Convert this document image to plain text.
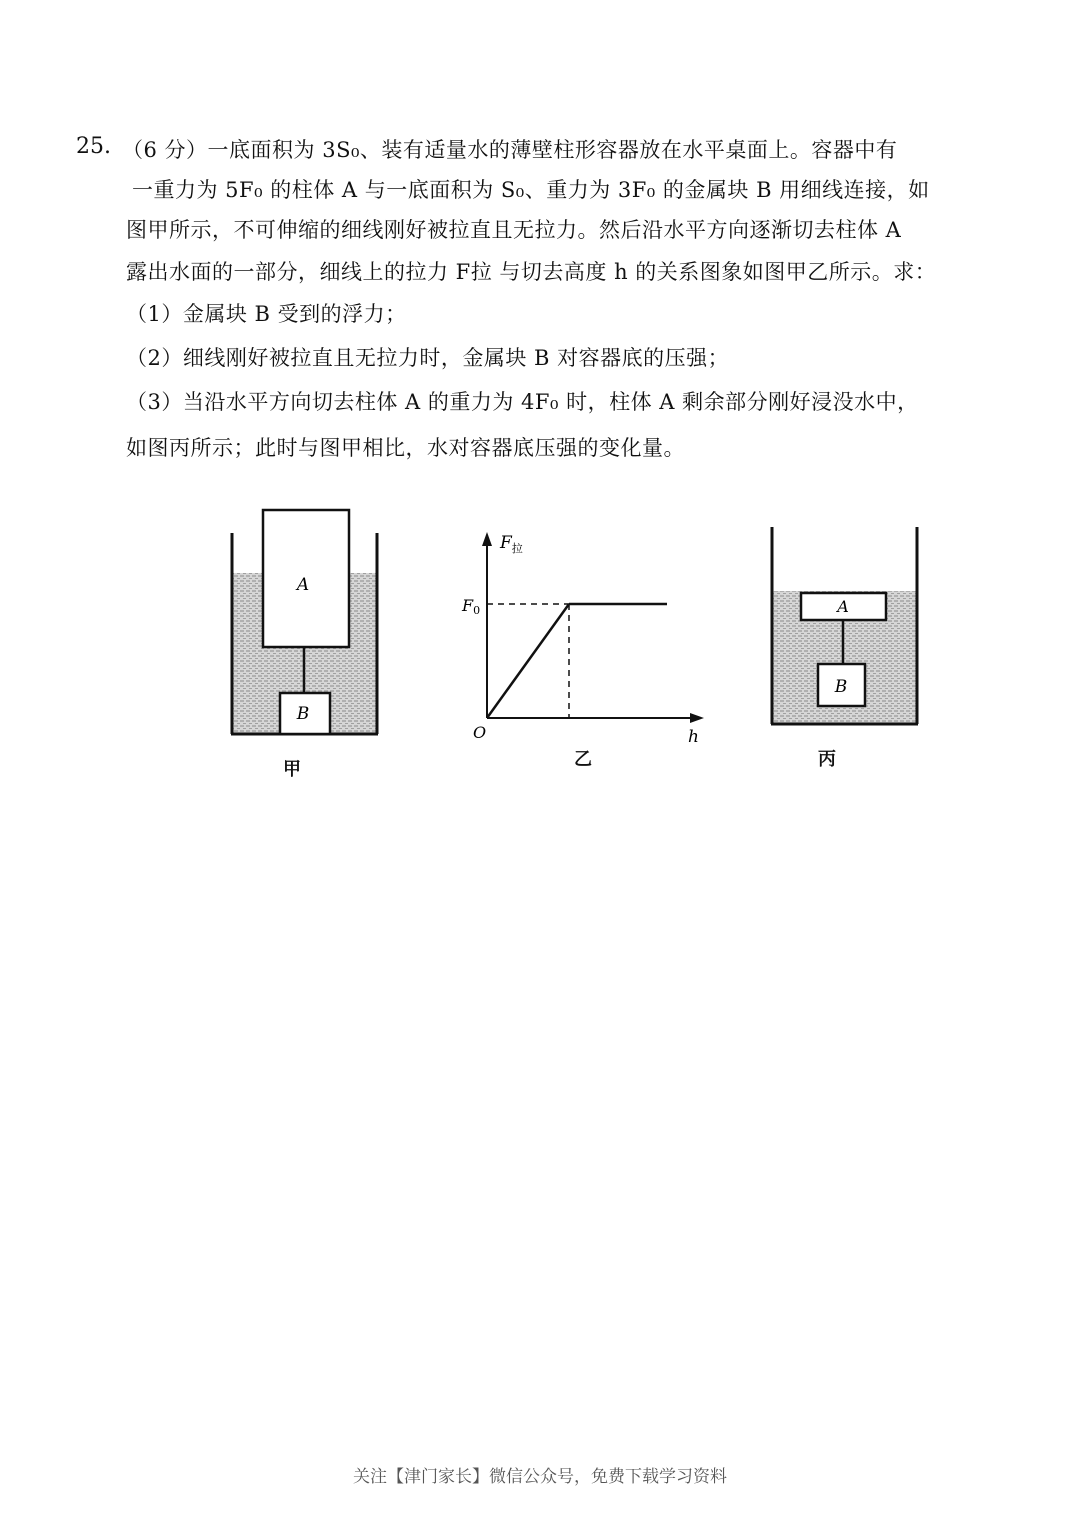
25. （6 分）一底面积为 3S₀、装有适量水的薄壁柱形容器放在水平桌面上。容器中有
一重力为 5F₀ 的柱体 A 与一底面积为 S₀、重力为 3F₀ 的金属块 B 用细线连接，如
图甲所示，不可伸缩的细线刚好被拉直且无拉力。然后沿水平方向逐渐切去柱体 A
露出水面的一部分，细线上的拉力 F拉 与切去高度 h 的关系图象如图甲乙所示。求：
（1）金属块 B 受到的浮力；
（2）细线刚好被拉直且无拉力时，金属块 B 对容器底的压强；
（3）当沿水平方向切去柱体 A 的重力为 4F₀ 时，柱体 A 剩余部分刚好浸没水中，
如图丙所示；此时与图甲相比，水对容器底压强的变化量。
A
B
$F_拉$
F0
O	h
A
B
甲	乙	丙
关注【津门家长】微信公众号，免费下载学习资料
